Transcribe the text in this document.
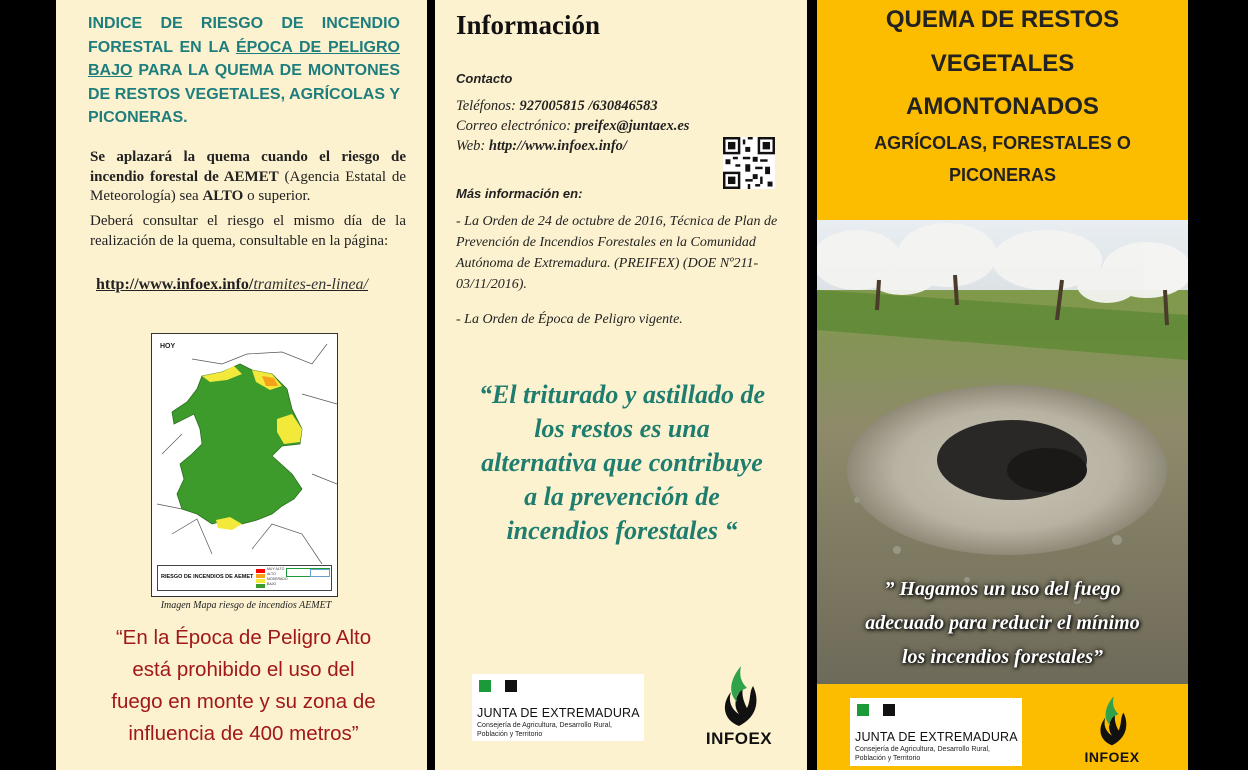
INDICE DE RIESGO DE INCENDIO FORESTAL EN LA ÉPOCA DE PELIGRO BAJO PARA LA QUEMA DE MONTONES DE RESTOS VEGETALES, AGRÍCOLAS Y PICONERAS.
Se aplazará la quema cuando el riesgo de incendio forestal de AEMET (Agencia Estatal de Meteorología) sea ALTO o superior.
Deberá consultar el riesgo el mismo día de la realización de la quema, consultable en la página:
http://www.infoex.info/tramites-en-linea/
HOY
RIESGO DE INCENDIOS DE AEMET
MUY ALTO
ALTO
MODERADO
BAJO
Imagen Mapa riesgo de incendios AEMET
“En la Época de Peligro Alto
está prohibido el uso del
fuego en monte y su zona de
influencia de 400 metros”
Información
Contacto
Teléfonos: 927005815 /630846583
Correo electrónico: preifex@juntaex.es
Web: http://www.infoex.info/
Más información en:
- La Orden de 24 de octubre de 2016, Técnica de Plan de Prevención de Incendios Forestales en la Comunidad Autónoma de Extremadura. (PREIFEX) (DOE Nº211- 03/11/2016).
- La Orden de Época de Peligro vigente.
“El triturado y astillado de
los restos es una
alternativa que contribuye
a la prevención de
incendios forestales “
JUNTA DE EXTREMADURA
Consejería de Agricultura, Desarrollo Rural,
Población y Territorio	INFOEX
QUEMA DE RESTOS
VEGETALES
AMONTONADOS
AGRÍCOLAS, FORESTALES O
PICONERAS
” Hagamos un uso del fuego
adecuado para reducir el mínimo
los incendios forestales”
JUNTA DE EXTREMADURA
Consejería de Agricultura, Desarrollo Rural,
Población y Territorio	INFOEX
